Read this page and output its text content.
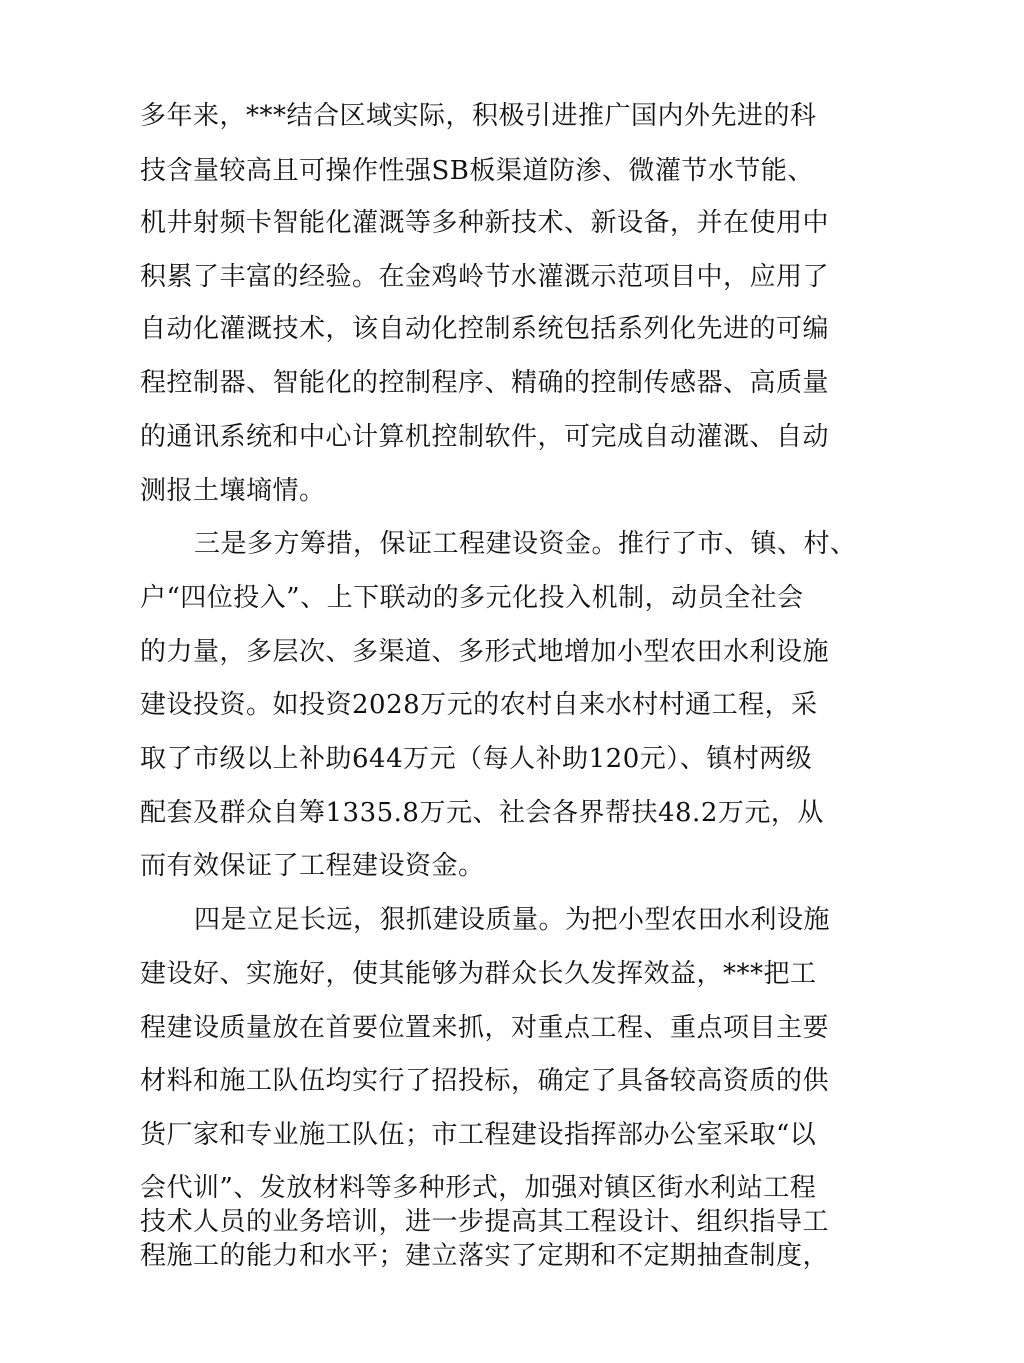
多年来，***结合区域实际，积极引进推广国内外先进的科
技含量较高且可操作性强SB板渠道防渗、微灌节水节能、
机井射频卡智能化灌溉等多种新技术、新设备，并在使用中
积累了丰富的经验。在金鸡岭节水灌溉示范项目中，应用了
自动化灌溉技术，该自动化控制系统包括系列化先进的可编
程控制器、智能化的控制程序、精确的控制传感器、高质量
的通讯系统和中心计算机控制软件，可完成自动灌溉、自动
测报土壤墒情。
三是多方筹措，保证工程建设资金。推行了市、镇、村、
户“四位投入”、上下联动的多元化投入机制，动员全社会
的力量，多层次、多渠道、多形式地增加小型农田水利设施
建设投资。如投资2028万元的农村自来水村村通工程，采
取了市级以上补助644万元（每人补助120元）、镇村两级
配套及群众自筹1335.8万元、社会各界帮扶48.2万元，从
而有效保证了工程建设资金。
四是立足长远，狠抓建设质量。为把小型农田水利设施
建设好、实施好，使其能够为群众长久发挥效益，***把工
程建设质量放在首要位置来抓，对重点工程、重点项目主要
材料和施工队伍均实行了招投标，确定了具备较高资质的供
货厂家和专业施工队伍；市工程建设指挥部办公室采取“以
会代训”、发放材料等多种形式，加强对镇区街水利站工程
技术人员的业务培训，进一步提高其工程设计、组织指导工
程施工的能力和水平；建立落实了定期和不定期抽查制度，
